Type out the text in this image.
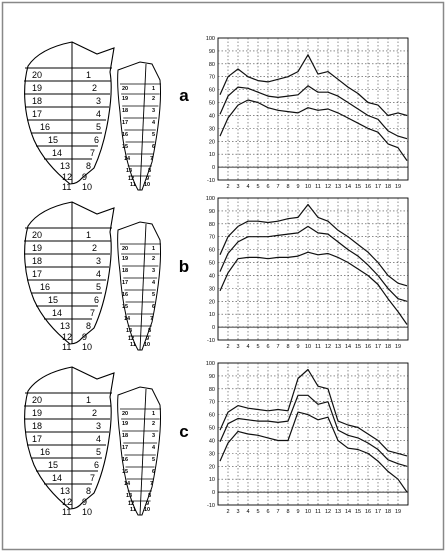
20
19
18
17
16
15
14
13
12
11
1
2
3
4
5
6
7
8
9
10
20
19
18
17
16
15
14
13
12
11
1
2
3
4
5
6
7
8
9
10
a
-10
0
10
20
30
40
50
60
70
80
90
100
2 3 4 5 6 7 8 9 10 11 12 13 14 15 16 17 18 19
20
19
18
17
16
15
14
13
12
11
1
2
3
4
5
6
7
8
9
10
20
19
18
17
16
15
14
13
12
11
1
2
3
4
5
6
7
8
9
10
b
-10
0
10
20
30
40
50
60
70
80
90
100
2 3 4 5 6 7 8 9 10 11 12 13 14 15 16 17 18 19
20
19
18
17
16
15
14
13
12
11
1
2
3
4
5
6
7
8
9
10
20
19
18
17
16
15
14
13
12
11
1
2
3
4
5
6
7
8
9
10
c
-10
0
10
20
30
40
50
60
70
80
90
100
2 3 4 5 6 7 8 9 10 11 12 13 14 15 16 17 18 19
